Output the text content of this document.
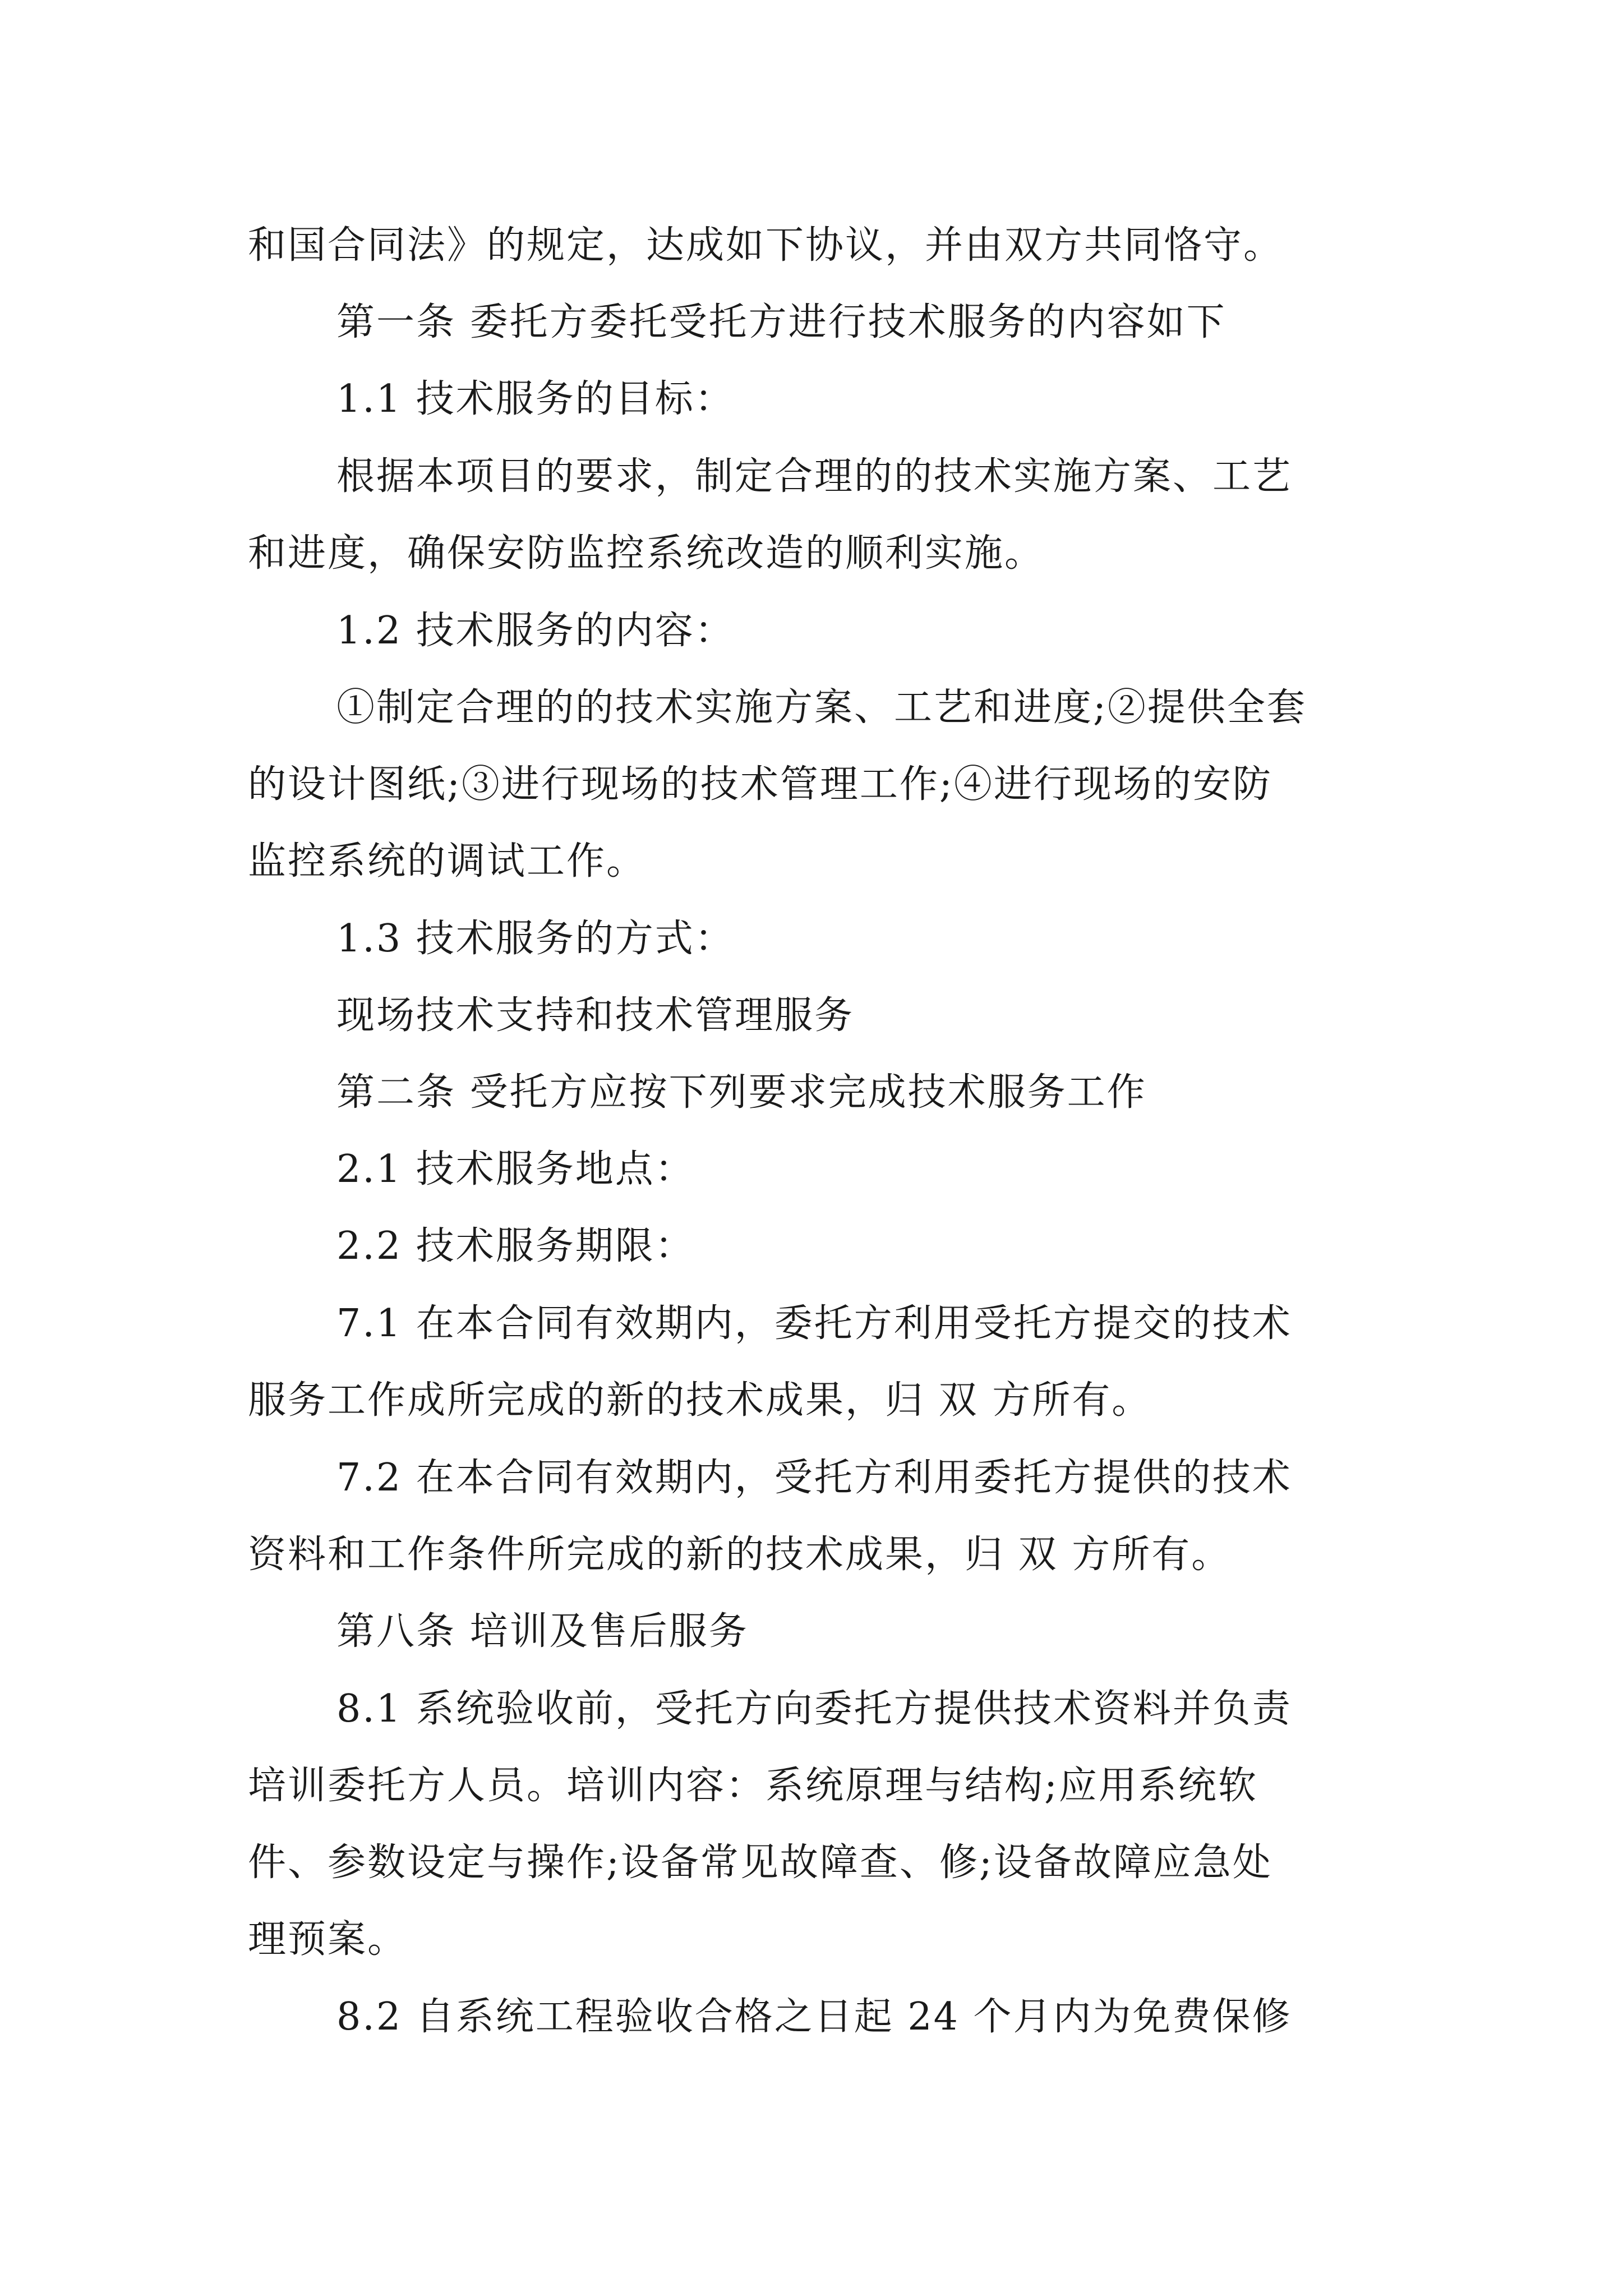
和国合同法》的规定，达成如下协议，并由双方共同恪守。

第一条 委托方委托受托方进行技术服务的内容如下

1.1 技术服务的目标：

根据本项目的要求，制定合理的的技术实施方案、工艺

和进度，确保安防监控系统改造的顺利实施。

1.2 技术服务的内容：

①制定合理的的技术实施方案、工艺和进度;②提供全套

的设计图纸;③进行现场的技术管理工作;④进行现场的安防

监控系统的调试工作。

1.3 技术服务的方式：

现场技术支持和技术管理服务

第二条 受托方应按下列要求完成技术服务工作

2.1 技术服务地点：

2.2 技术服务期限：

7.1 在本合同有效期内，委托方利用受托方提交的技术

服务工作成所完成的新的技术成果，归 双 方所有。

7.2 在本合同有效期内，受托方利用委托方提供的技术

资料和工作条件所完成的新的技术成果，归 双 方所有。

第八条 培训及售后服务

8.1 系统验收前，受托方向委托方提供技术资料并负责

培训委托方人员。培训内容：系统原理与结构;应用系统软

件、参数设定与操作;设备常见故障查、修;设备故障应急处

理预案。

8.2 自系统工程验收合格之日起 24 个月内为免费保修
